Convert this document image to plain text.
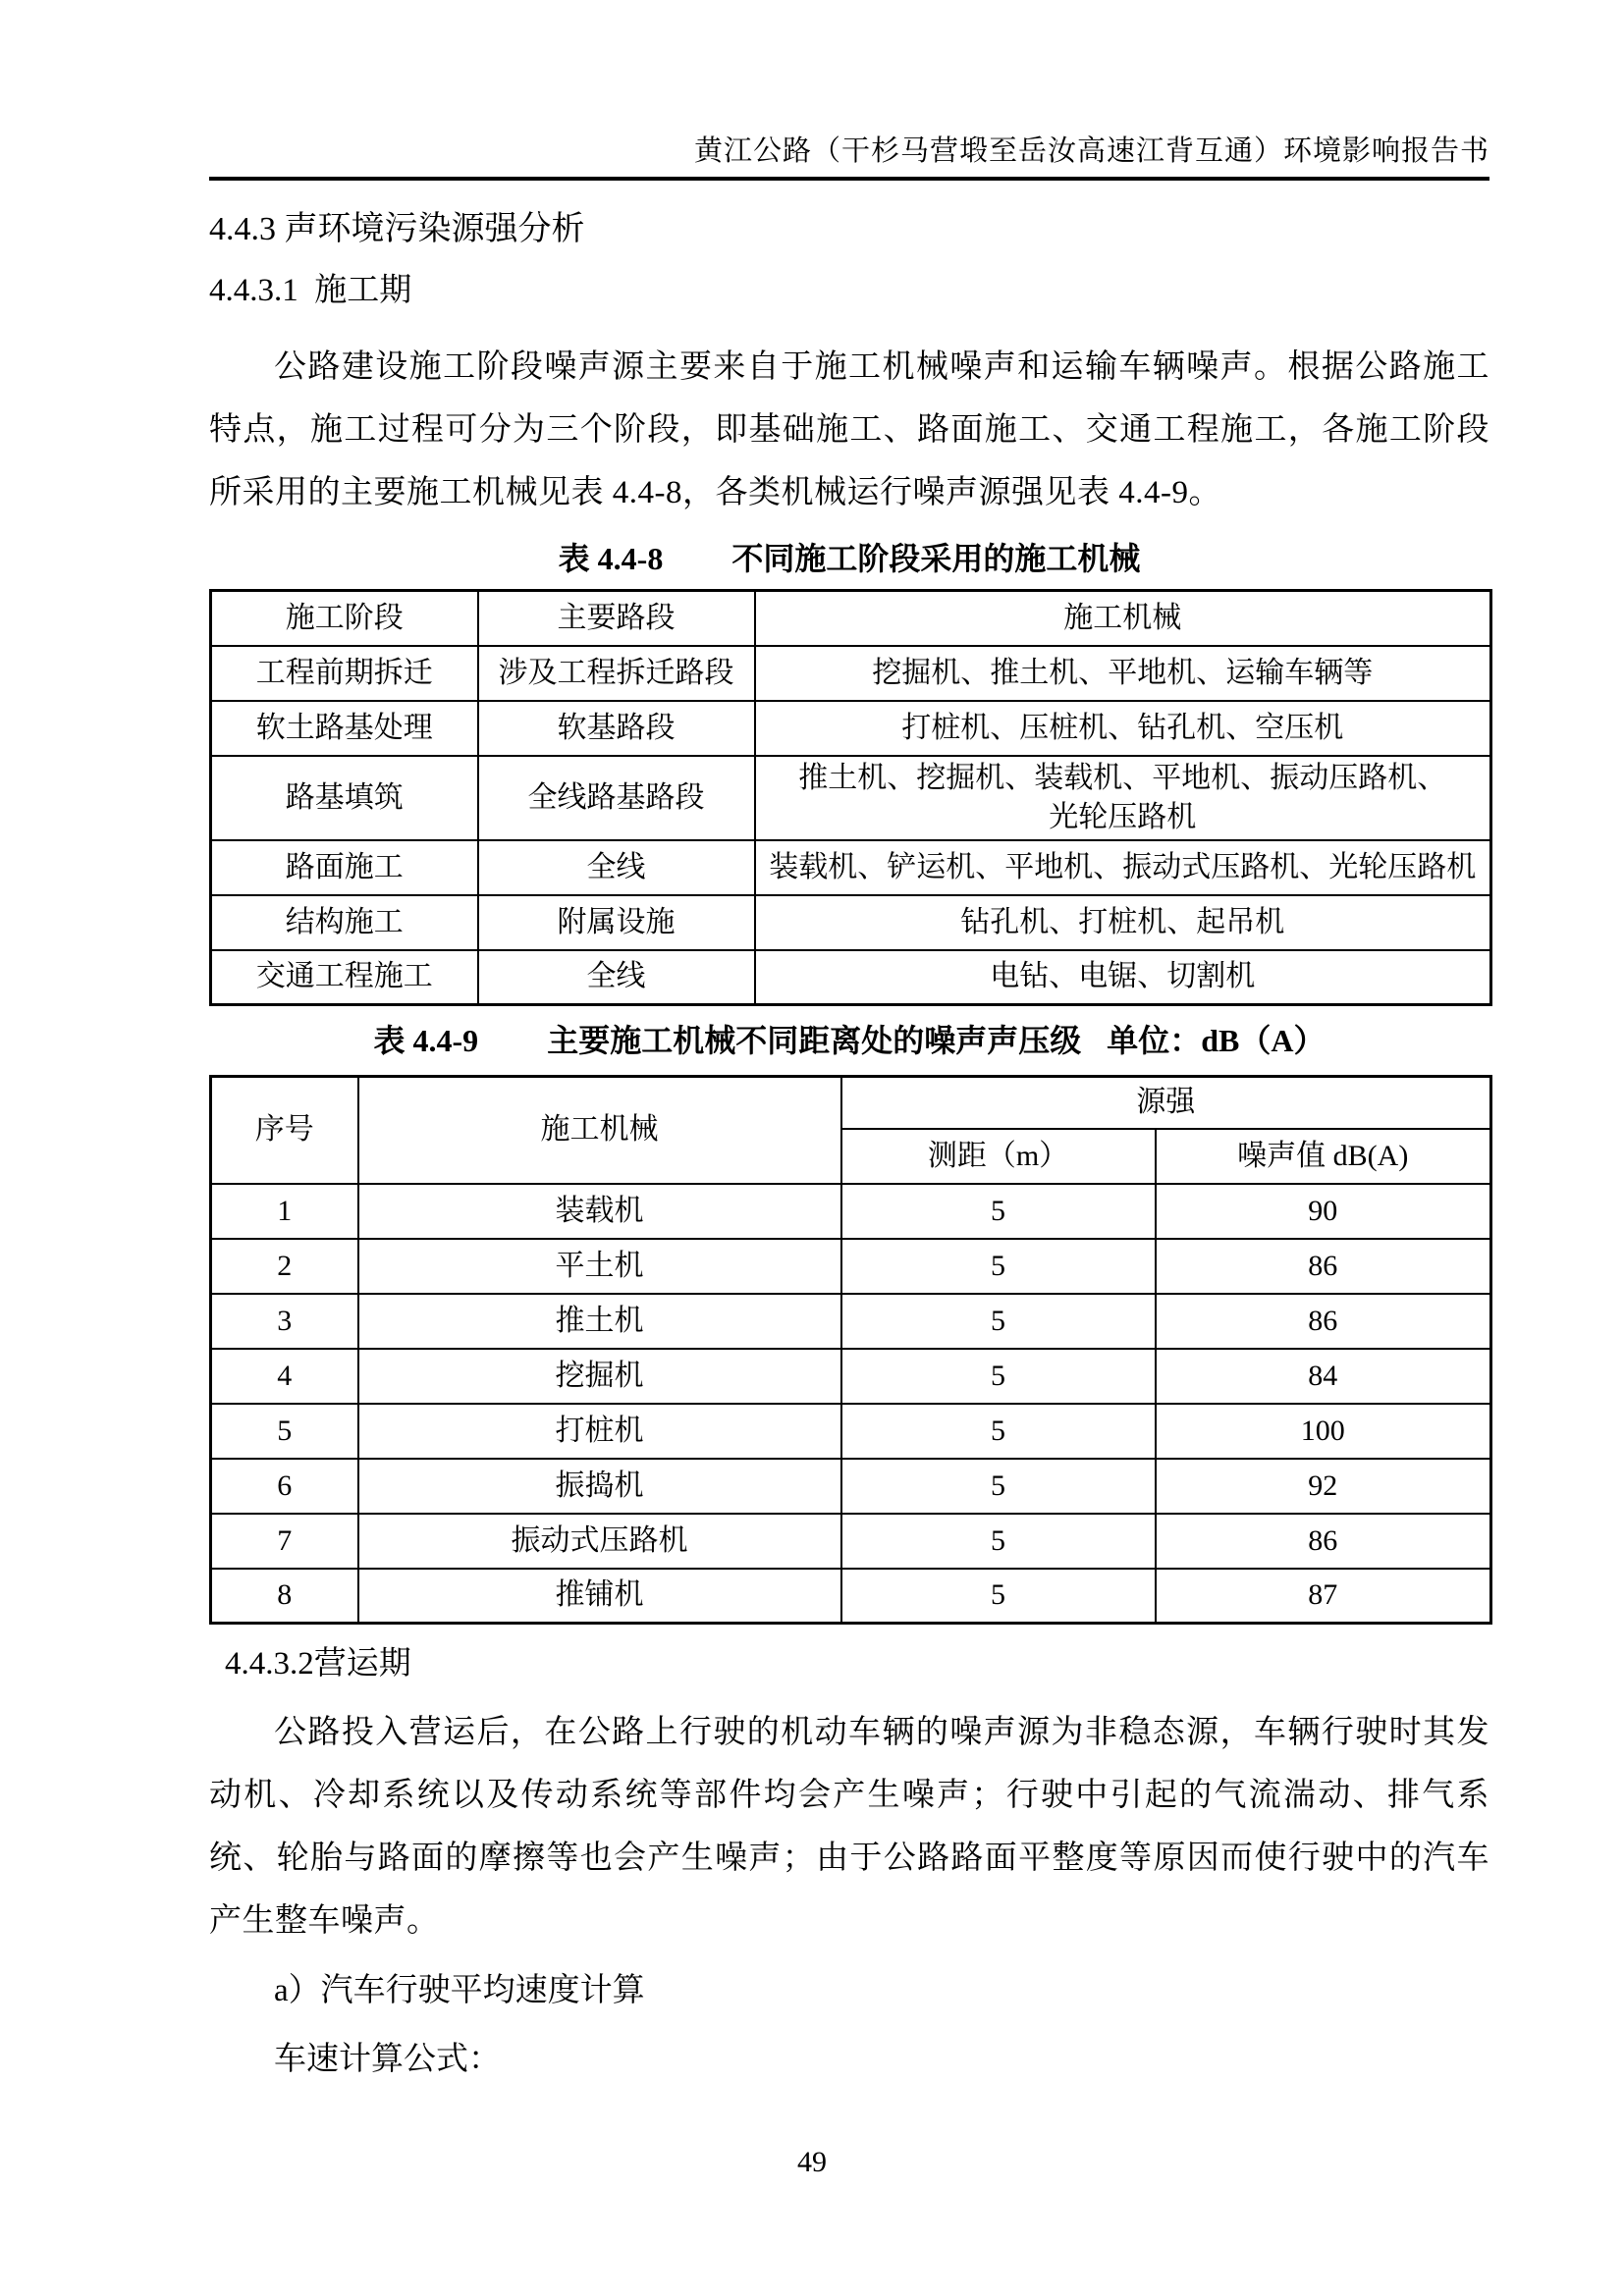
黄江公路（干杉马营塅至岳汝高速江背互通）环境影响报告书
4.4.3 声环境污染源强分析
4.4.3.1  施工期

公路建设施工阶段噪声源主要来自于施工机械噪声和运输车辆噪声。根据公路施工特点，施工过程可分为三个阶段，即基础施工、路面施工、交通工程施工，各施工阶段所采用的主要施工机械见表 4.4-8，各类机械运行噪声源强见表 4.4-9。

表 4.4-8 不同施工阶段采用的施工机械
施工阶段	主要路段	施工机械
工程前期拆迁	涉及工程拆迁路段	挖掘机、推土机、平地机、运输车辆等
软土路基处理	软基路段	打桩机、压桩机、钻孔机、空压机
路基填筑	全线路基路段	推土机、挖掘机、装载机、平地机、振动压路机、
光轮压路机

路面施工	全线	装载机、铲运机、平地机、振动式压路机、光轮压路机
结构施工	附属设施	钻孔机、打桩机、起吊机
交通工程施工	全线	电钻、电锯、切割机
表 4.4-9 主要施工机械不同距离处的噪声声压级 单位：dB（A）
序号	施工机械	源强	
		测距（m）	噪声值 dB(A)
1	装载机	5	90
2	平土机	5	86
3	推土机	5	86
4	挖掘机	5	84
5	打桩机	5	100
6	振捣机	5	92
7	振动式压路机	5	86
8	推铺机	5	87
4.4.3.2营运期

公路投入营运后，在公路上行驶的机动车辆的噪声源为非稳态源，车辆行驶时其发动机、冷却系统以及传动系统等部件均会产生噪声；行驶中引起的气流湍动、排气系统、轮胎与路面的摩擦等也会产生噪声；由于公路路面平整度等原因而使行驶中的汽车产生整车噪声。

a）汽车行驶平均速度计算
车速计算公式：
49
